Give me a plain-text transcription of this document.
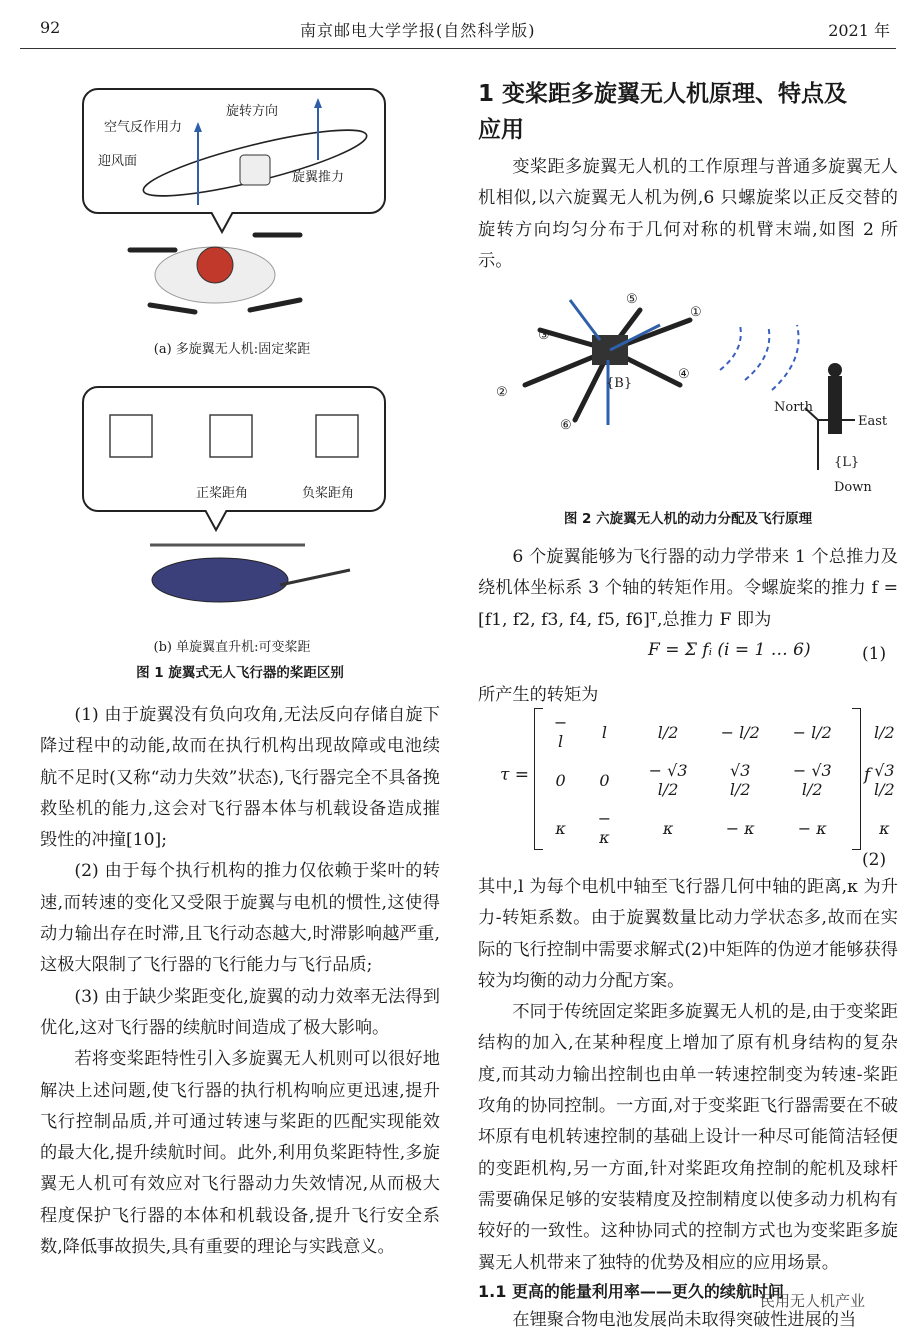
92	南京邮电大学学报(自然科学版)	2021 年
空气反作用力
旋转方向
迎风面
旋翼推力
(a) 多旋翼无人机:固定桨距
正桨距角	负桨距角
(b) 单旋翼直升机:可变桨距
图 1 旋翼式无人飞行器的桨距区别

(1) 由于旋翼没有负向攻角,无法反向存储自旋下降过程中的动能,故而在执行机构出现故障或电池续航不足时(又称“动力失效”状态),飞行器完全不具备挽救坠机的能力,这会对飞行器本体与机载设备造成摧毁性的冲撞[10];

(2) 由于每个执行机构的推力仅依赖于桨叶的转速,而转速的变化又受限于旋翼与电机的惯性,这使得动力输出存在时滞,且飞行动态越大,时滞影响越严重,这极大限制了飞行器的飞行能力与飞行品质;

(3) 由于缺少桨距变化,旋翼的动力效率无法得到优化,这对飞行器的续航时间造成了极大影响。

若将变桨距特性引入多旋翼无人机则可以很好地解决上述问题,使飞行器的执行机构响应更迅速,提升飞行控制品质,并可通过转速与桨距的匹配实现能效的最大化,提升续航时间。此外,利用负桨距特性,多旋翼无人机可有效应对飞行器动力失效情况,从而极大程度保护飞行器的本体和机载设备,提升飞行安全系数,降低事故损失,具有重要的理论与实践意义。

1 变桨距多旋翼无人机原理、特点及
应用

变桨距多旋翼无人机的工作原理与普通多旋翼无人机相似,以六旋翼无人机为例,6 只螺旋桨以正反交替的旋转方向均匀分布于几何对称的机臂末端,如图 2 所示。

North
East
Down
{B}
{L}
①
②
③
④
⑤
⑥
图 2 六旋翼无人机的动力分配及飞行原理

6 个旋翼能够为飞行器的动力学带来 1 个总推力及绕机体坐标系 3 个轴的转矩作用。令螺旋桨的推力 f = [f1, f2, f3, f4, f5, f6]ᵀ,总推力 F 即为

F = Σ fᵢ (i = 1 … 6)	(1)

所产生的转矩为

τ =
− l	l	l/2	− l/2	− l/2	l/2
0	0	− √3 l/2	√3 l/2	− √3 l/2	√3 l/2
κ	− κ	κ	− κ	− κ	κ
f
(2)

其中,l 为每个电机中轴至飞行器几何中轴的距离,κ 为升力-转矩系数。由于旋翼数量比动力学状态多,故而在实际的飞行控制中需要求解式(2)中矩阵的伪逆才能够获得较为均衡的动力分配方案。

不同于传统固定桨距多旋翼无人机的是,由于变桨距结构的加入,在某种程度上增加了原有机身结构的复杂度,而其动力输出控制也由单一转速控制变为转速-桨距攻角的协同控制。一方面,对于变桨距飞行器需要在不破坏原有电机转速控制的基础上设计一种尽可能简洁轻便的变距机构,另一方面,针对桨距攻角控制的舵机及球杆需要确保足够的安装精度及控制精度以使多动力机构有较好的一致性。这种协同式的控制方式也为变桨距多旋翼无人机带来了独特的优势及相应的应用场景。

1.1 更高的能量利用率——更久的续航时间

在锂聚合物电池发展尚未取得突破性进展的当

民用无人机产业
